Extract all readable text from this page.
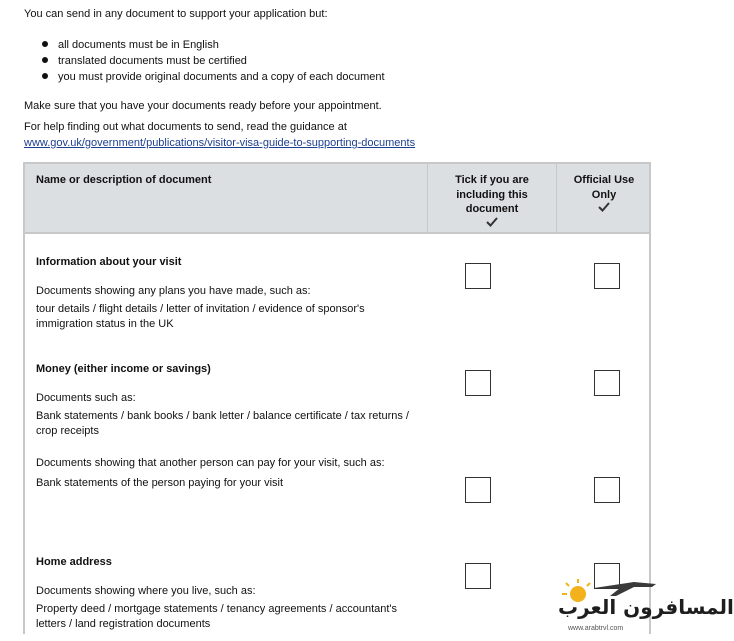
You can send in any document to support your application but:

all documents must be in English
translated documents must be certified
you must provide original documents and a copy of each document

Make sure that you have your documents ready before your appointment.

For help finding out what documents to send, read the guidance at

www.gov.uk/government/publications/visitor-visa-guide-to-supporting-documents

Name or description of document	Tick if you are
including this
document
Official Use
Only

Information about your visit

Documents showing any plans you have made, such as:

tour details / flight details / letter of invitation / evidence of sponsor's

immigration status in the UK

Money (either income or savings)

Documents such as:

Bank statements / bank books / bank letter / balance certificate / tax returns /

crop receipts

Documents showing that another person can pay for your visit, such as:

Bank statements of the person paying for your visit

Home address

Documents showing where you live, such as:

Property deed / mortgage statements / tenancy agreements / accountant's

letters / land registration documents

المسافرون العرب
www.arabtrvl.com
